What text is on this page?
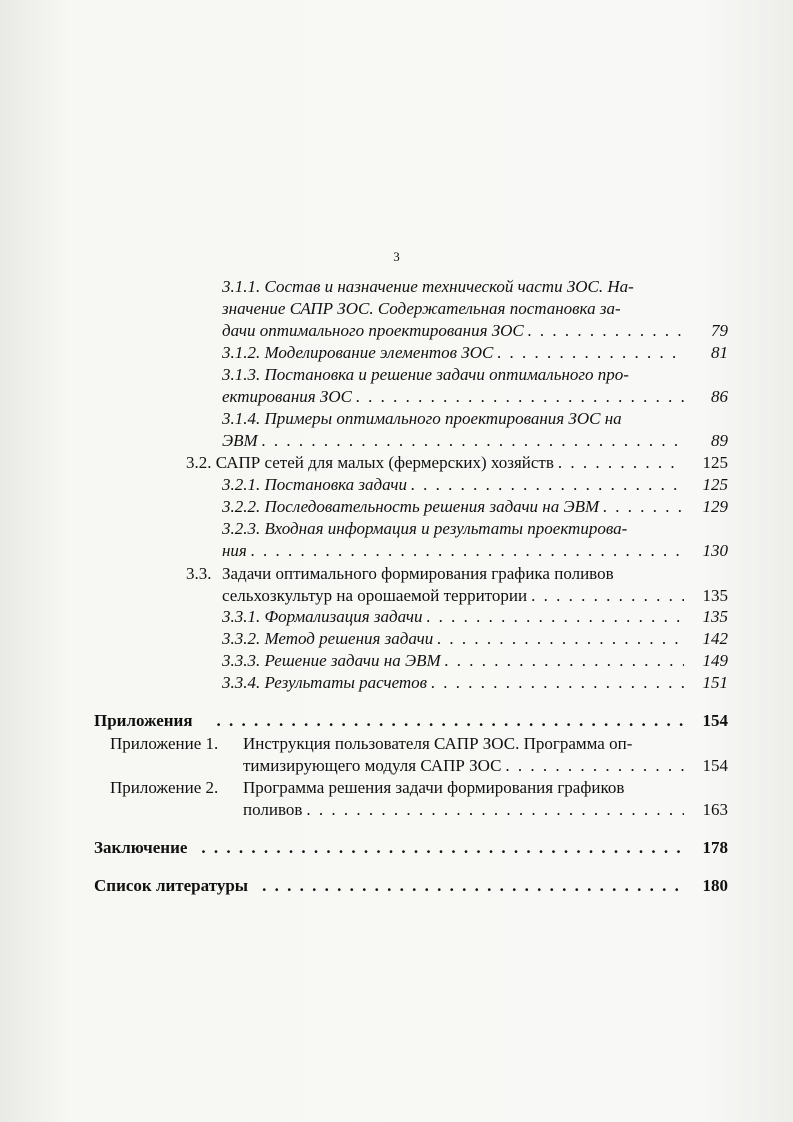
3
3.1.1. Состав и назначение технической части ЗОС. На-
значение САПР ЗОС. Содержательная постановка за-
дачи оптимального проектирования ЗОС . . .	79
3.1.2. Моделирование элементов ЗОС . . .	81
3.1.3. Постановка и решение задачи оптимального про-
ектирования ЗОС . . .	86
3.1.4. Примеры оптимального проектирования ЗОС на
ЭВМ . . .	89
3.2. САПР сетей для малых (фермерских) хозяйств . . .	125
3.2.1. Постановка задачи . . .	125
3.2.2. Последовательность решения задачи на ЭВМ . . .	129
3.2.3. Входная информация и результаты проектирова-
ния . . .	130
3.3. Задачи оптимального формирования графика поливов
сельхозкультур на орошаемой территории . . .	135
3.3.1. Формализация задачи . . .	135
3.3.2. Метод решения задачи . . .	142
3.3.3. Решение задачи на ЭВМ . . .	149
3.3.4. Результаты расчетов . . .	151
Приложения . . .	154
Приложение 1. Инструкция пользователя САПР ЗОС. Программа оп-
тимизирующего модуля САПР ЗОС . . .	154
Приложение 2. Программа решения задачи формирования графиков
поливов . . .	163
Заключение . . .	178
Список литературы . . .	180
